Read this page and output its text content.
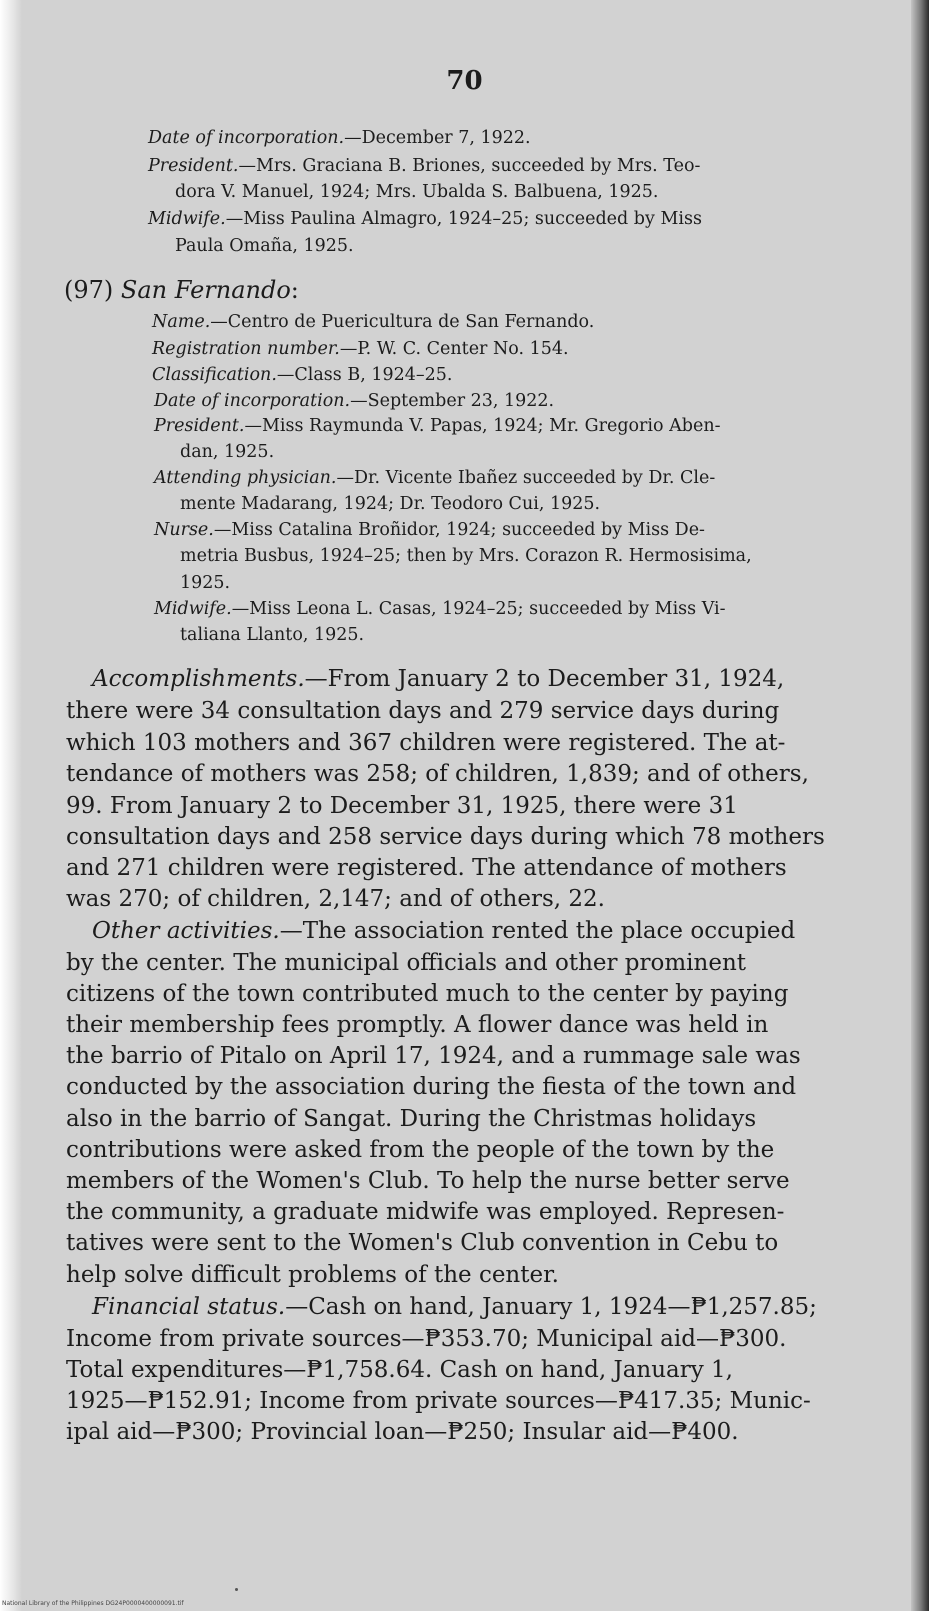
70
Date of incorporation.—December 7, 1922.
President.—Mrs. Graciana B. Briones, succeeded by Mrs. Teo-
dora V. Manuel, 1924; Mrs. Ubalda S. Balbuena, 1925.
Midwife.—Miss Paulina Almagro, 1924–25; succeeded by Miss
Paula Omaña, 1925.
(97) San Fernando:
Name.—Centro de Puericultura de San Fernando.
Registration number.—P. W. C. Center No. 154.
Classification.—Class B, 1924–25.
Date of incorporation.—September 23, 1922.
President.—Miss Raymunda V. Papas, 1924; Mr. Gregorio Aben-
dan, 1925.
Attending physician.—Dr. Vicente Ibañez succeeded by Dr. Cle-
mente Madarang, 1924; Dr. Teodoro Cui, 1925.
Nurse.—Miss Catalina Broñidor, 1924; succeeded by Miss De-
metria Busbus, 1924–25; then by Mrs. Corazon R. Hermosisima,
1925.
Midwife.—Miss Leona L. Casas, 1924–25; succeeded by Miss Vi-
taliana Llanto, 1925.
Accomplishments.—From January 2 to December 31, 1924,
there were 34 consultation days and 279 service days during
which 103 mothers and 367 children were registered. The at-
tendance of mothers was 258; of children, 1,839; and of others,
99. From January 2 to December 31, 1925, there were 31
consultation days and 258 service days during which 78 mothers
and 271 children were registered. The attendance of mothers
was 270; of children, 2,147; and of others, 22.
Other activities.—The association rented the place occupied
by the center. The municipal officials and other prominent
citizens of the town contributed much to the center by paying
their membership fees promptly. A flower dance was held in
the barrio of Pitalo on April 17, 1924, and a rummage sale was
conducted by the association during the fiesta of the town and
also in the barrio of Sangat. During the Christmas holidays
contributions were asked from the people of the town by the
members of the Women's Club. To help the nurse better serve
the community, a graduate midwife was employed. Represen-
tatives were sent to the Women's Club convention in Cebu to
help solve difficult problems of the center.
Financial status.—Cash on hand, January 1, 1924—₱1,257.85;
Income from private sources—₱353.70; Municipal aid—₱300.
Total expenditures—₱1,758.64. Cash on hand, January 1,
1925—₱152.91; Income from private sources—₱417.35; Munic-
ipal aid—₱300; Provincial loan—₱250; Insular aid—₱400.
National Library of the Philippines DG24P0000400000091.tif
